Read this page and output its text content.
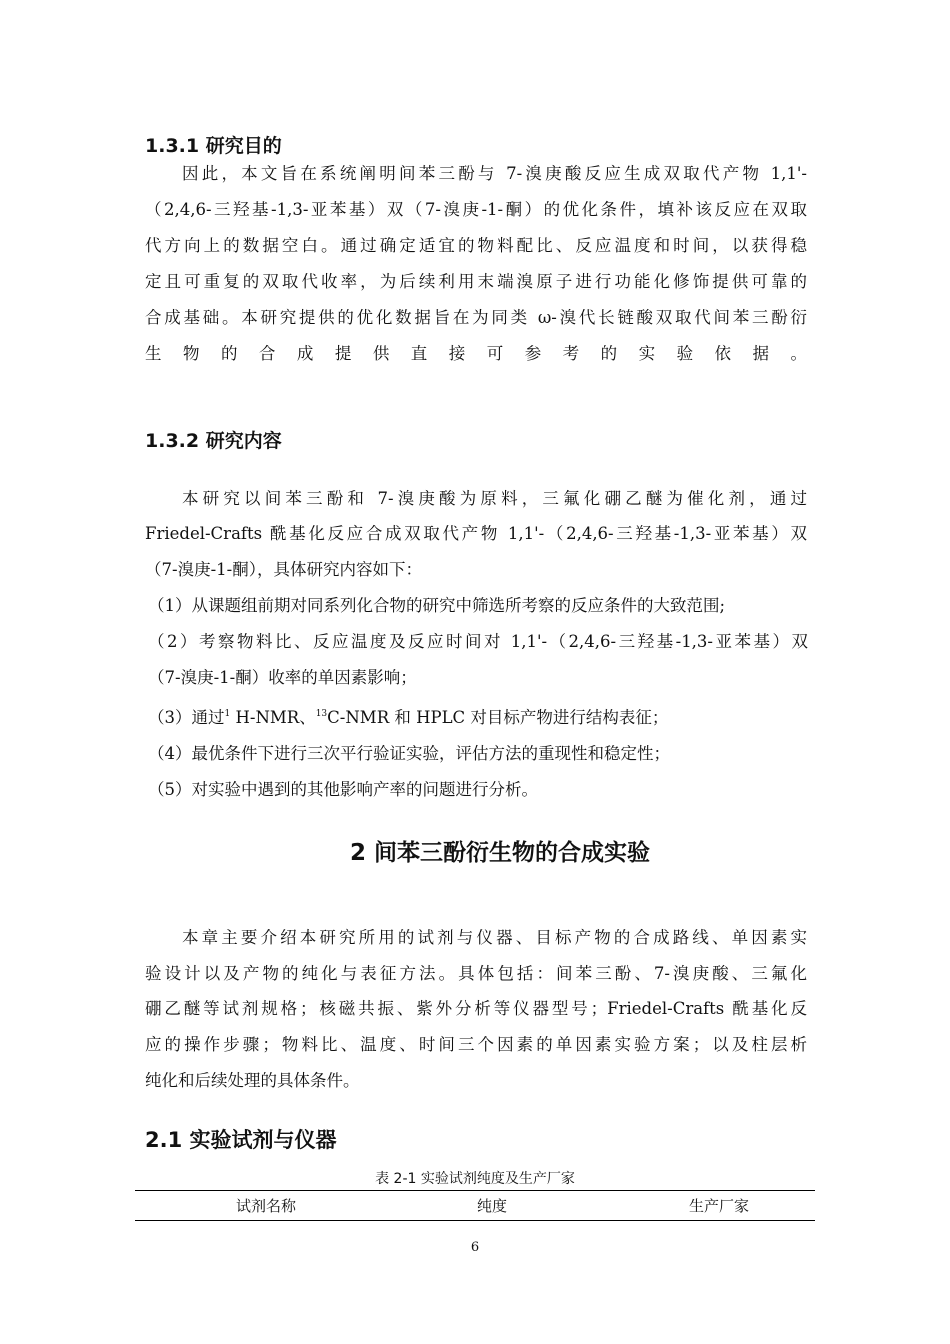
1.3.1 研究目的
因此，本文旨在系统阐明间苯三酚与 7-溴庚酸反应生成双取代产物 1,1'-
（2,4,6-三羟基-1,3-亚苯基）双（7-溴庚-1-酮）的优化条件，填补该反应在双取
代方向上的数据空白。通过确定适宜的物料配比、反应温度和时间，以获得稳
定且可重复的双取代收率，为后续利用末端溴原子进行功能化修饰提供可靠的
合成基础。本研究提供的优化数据旨在为同类 ω-溴代长链酸双取代间苯三酚衍
生物的合成提供直接可参考的实验依据。
1.3.2 研究内容
本研究以间苯三酚和 7-溴庚酸为原料，三氟化硼乙醚为催化剂，通过
Friedel-Crafts 酰基化反应合成双取代产物 1,1'-（2,4,6-三羟基-1,3-亚苯基）双
（7-溴庚-1-酮），具体研究内容如下：
（1）从课题组前期对同系列化合物的研究中筛选所考察的反应条件的大致范围;
（2）考察物料比、反应温度及反应时间对 1,1'-（2,4,6-三羟基-1,3-亚苯基）双
（7-溴庚-1-酮）收率的单因素影响；
（3）通过$^1$ H-NMR、$^{13}$C-NMR 和 HPLC 对目标产物进行结构表征；
（4）最优条件下进行三次平行验证实验，评估方法的重现性和稳定性；
（5）对实验中遇到的其他影响产率的问题进行分析。
2 间苯三酚衍生物的合成实验
本章主要介绍本研究所用的试剂与仪器、目标产物的合成路线、单因素实
验设计以及产物的纯化与表征方法。具体包括：间苯三酚、7-溴庚酸、三氟化
硼乙醚等试剂规格；核磁共振、紫外分析等仪器型号；Friedel-Crafts 酰基化反
应的操作步骤；物料比、温度、时间三个因素的单因素实验方案；以及柱层析
纯化和后续处理的具体条件。
2.1 实验试剂与仪器
表 2-1 实验试剂纯度及生产厂家
试剂名称	纯度	生产厂家
6
